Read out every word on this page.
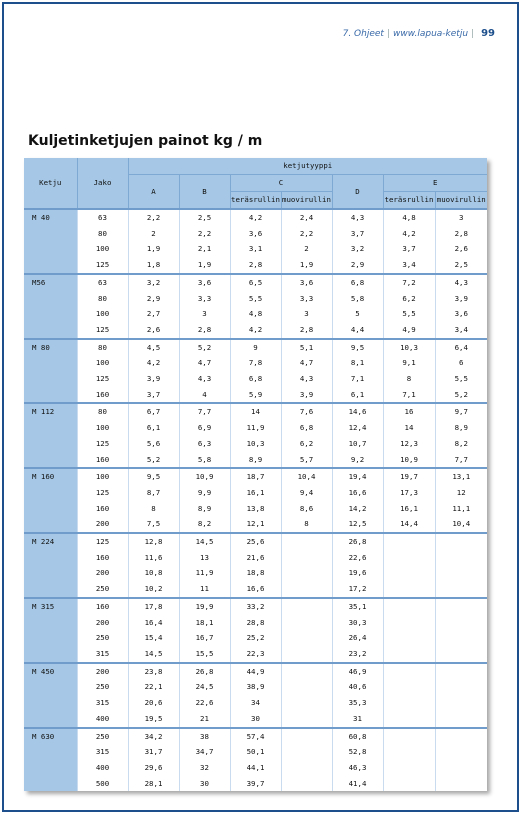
7. Ohjeet | www.lapua-ketju | 99
Kuljetinketjujen painot kg / m
Ketju	Jako	ketjutyyppi						
		A	B	C		D	E	
				teräsrullin	muovirullin		teräsrullin	muovirullin
M 40	63	2,2	2,5	4,2	2,4	4,3	4,8	3
	80	2	2,2	3,6	2,2	3,7	4,2	2,8
	100	1,9	2,1	3,1	2	3,2	3,7	2,6
	125	1,8	1,9	2,8	1,9	2,9	3,4	2,5
M56	63	3,2	3,6	6,5	3,6	6,8	7,2	4,3
	80	2,9	3,3	5,5	3,3	5,8	6,2	3,9
	100	2,7	3	4,8	3	5	5,5	3,6
	125	2,6	2,8	4,2	2,8	4,4	4,9	3,4
M 80	80	4,5	5,2	9	5,1	9,5	10,3	6,4
	100	4,2	4,7	7,8	4,7	8,1	9,1	6
	125	3,9	4,3	6,8	4,3	7,1	8	5,5
	160	3,7	4	5,9	3,9	6,1	7,1	5,2
M 112	80	6,7	7,7	14	7,6	14,6	16	9,7
	100	6,1	6,9	11,9	6,8	12,4	14	8,9
	125	5,6	6,3	10,3	6,2	10,7	12,3	8,2
	160	5,2	5,8	8,9	5,7	9,2	10,9	7,7
M 160	100	9,5	10,9	18,7	10,4	19,4	19,7	13,1
	125	8,7	9,9	16,1	9,4	16,6	17,3	12
	160	8	8,9	13,8	8,6	14,2	16,1	11,1
	200	7,5	8,2	12,1	8	12,5	14,4	10,4
M 224	125	12,8	14,5	25,6		26,8		
	160	11,6	13	21,6		22,6		
	200	10,8	11,9	18,8		19,6		
	250	10,2	11	16,6		17,2		
M 315	160	17,8	19,9	33,2		35,1		
	200	16,4	18,1	28,8		30,3		
	250	15,4	16,7	25,2		26,4		
	315	14,5	15,5	22,3		23,2		
M 450	200	23,8	26,8	44,9		46,9		
	250	22,1	24,5	38,9		40,6		
	315	20,6	22,6	34		35,3		
	400	19,5	21	30		31		
M 630	250	34,2	38	57,4		60,8		
	315	31,7	34,7	50,1		52,8		
	400	29,6	32	44,1		46,3		
	500	28,1	30	39,7		41,4		
